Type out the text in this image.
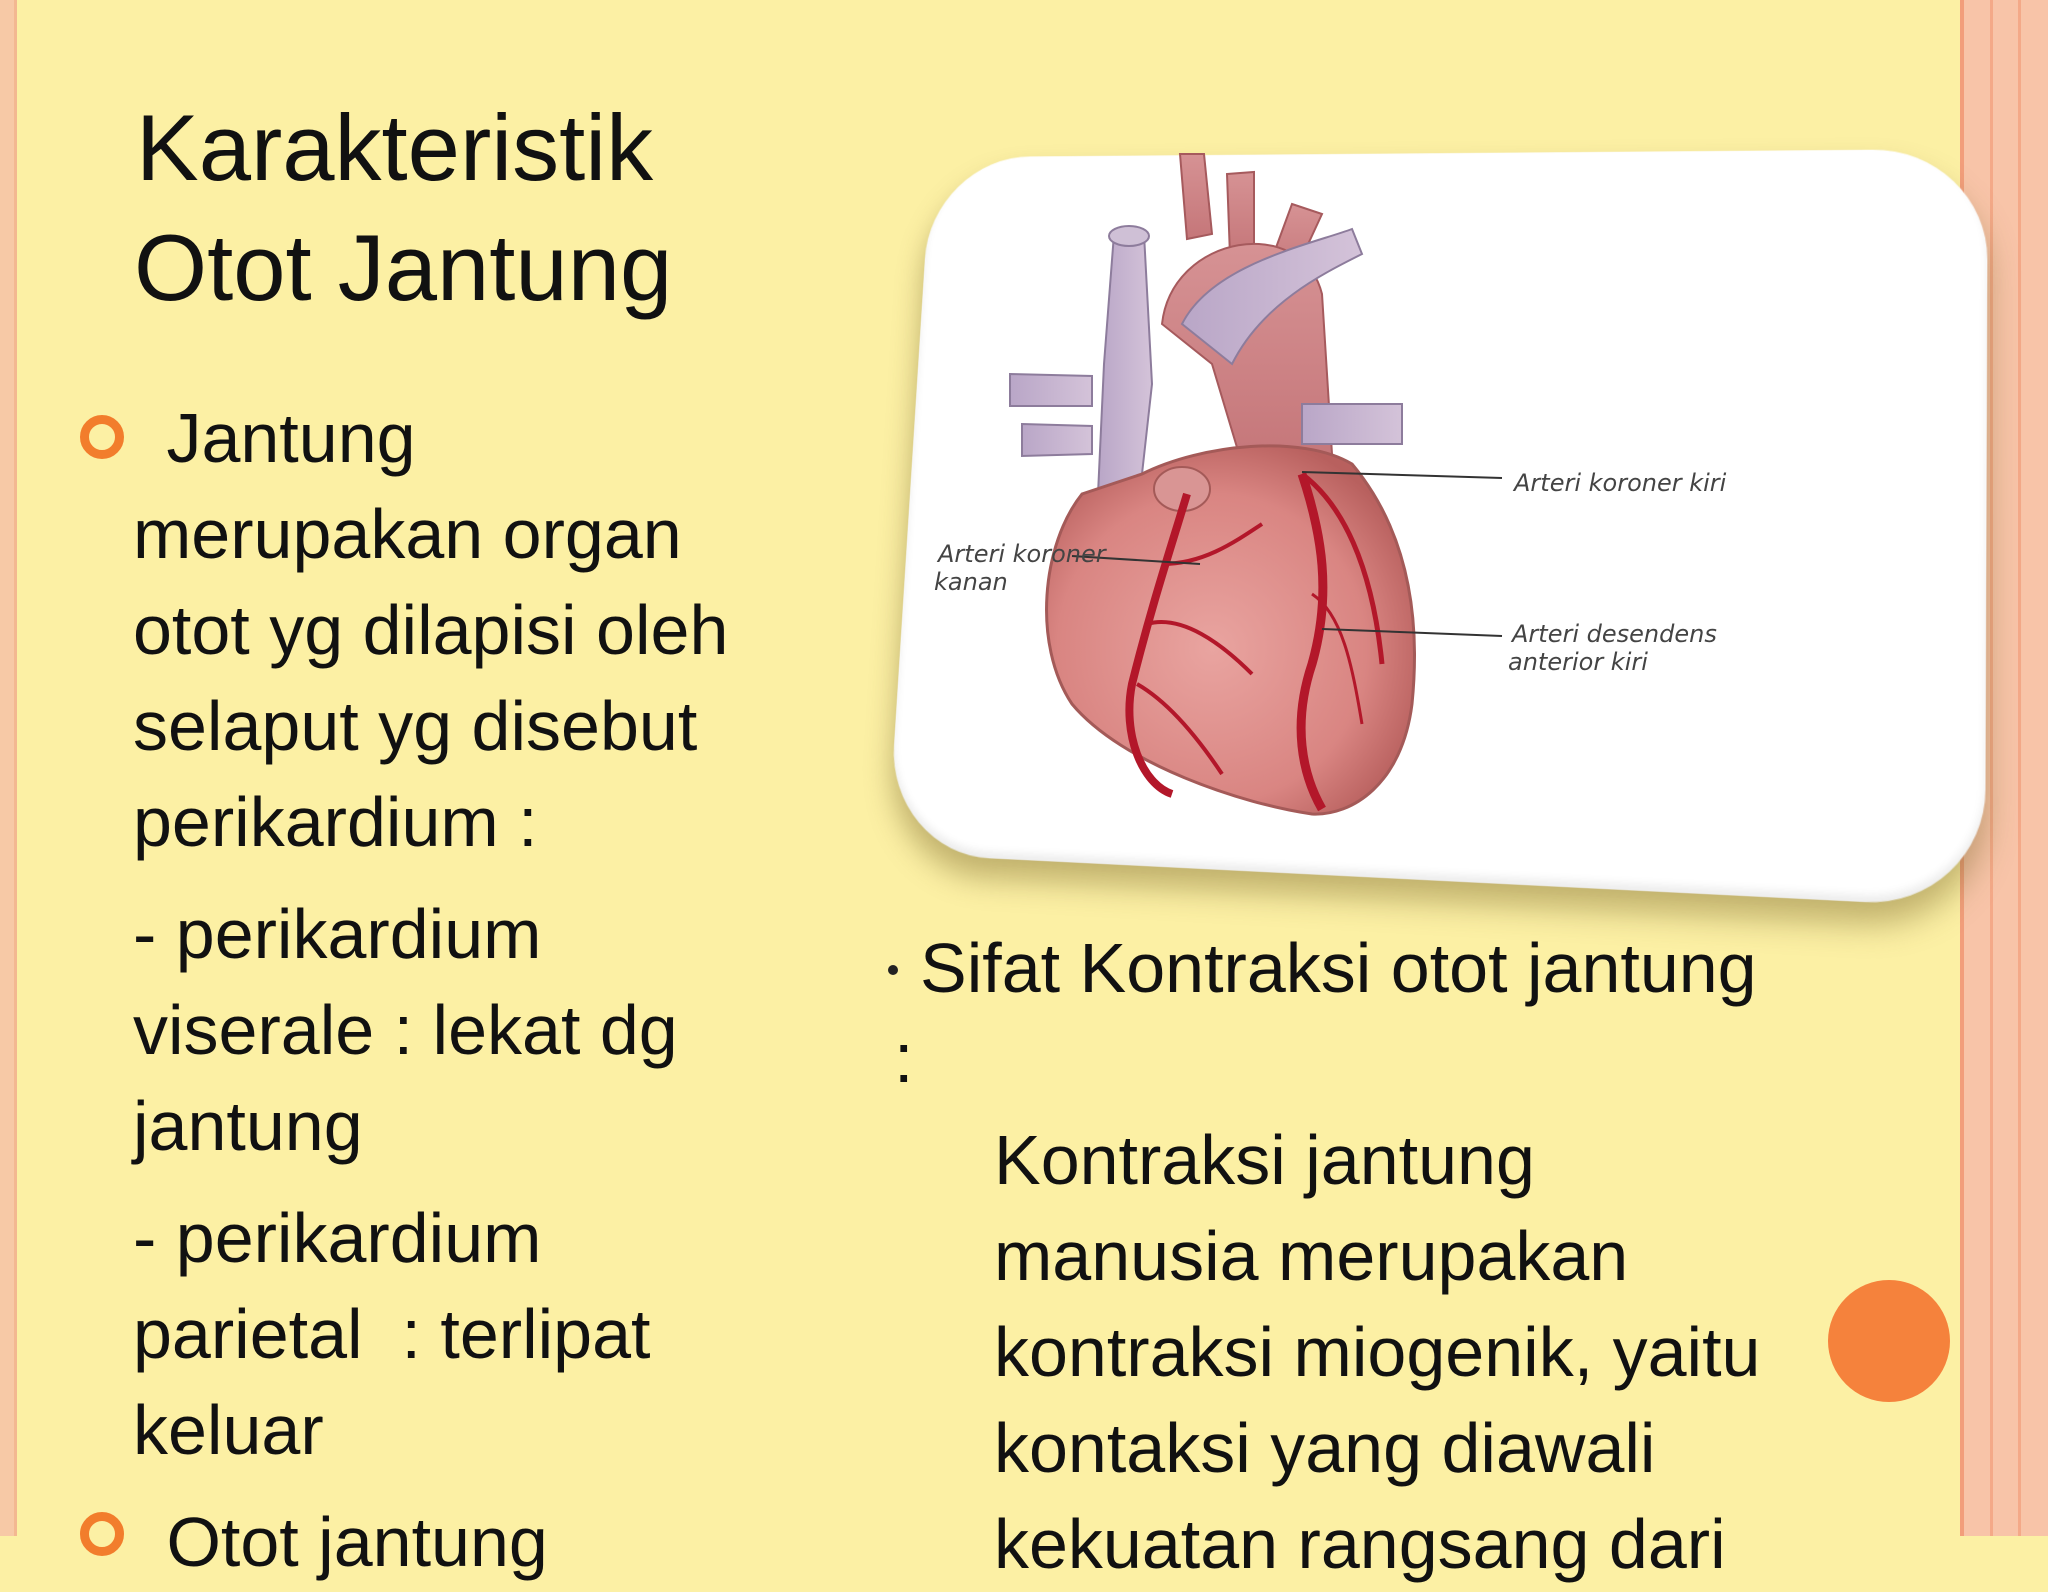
Karakteristik
Otot Jantung

Jantung
merupakan organ
otot yg dilapisi oleh
selaput yg disebut
perikardium :

- perikardium
viserale : lekat dg
jantung

- perikardium
parietal  : terlipat
keluar

Otot jantung

Arteri koroner
kanan
Arteri koroner kiri
Arteri desendens
anterior kiri
Sifat Kontraksi otot jantung
:
Kontraksi jantung
manusia merupakan
kontraksi miogenik, yaitu
kontaksi yang diawali
kekuatan rangsang dari
